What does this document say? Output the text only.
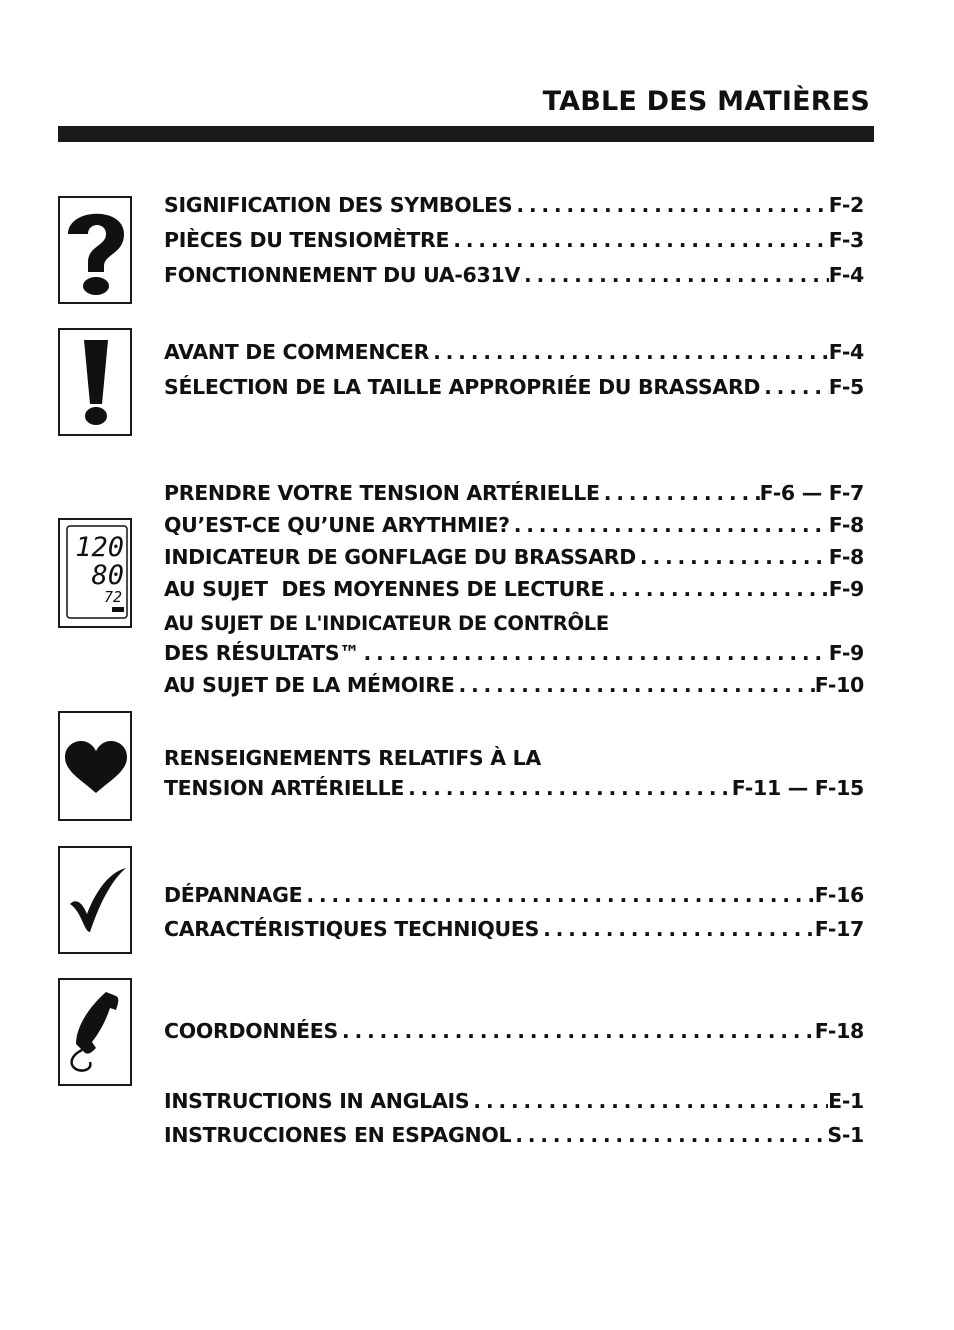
TABLE DES MATIÈRES
120
80
72
SIGNIFICATION DES SYMBOLES . . .	F-2
PIÈCES DU TENSIOMÈTRE . . .	F-3
FONCTIONNEMENT DU UA-631V . . .	F-4
AVANT DE COMMENCER . . .	F-4
SÉLECTION DE LA TAILLE APPROPRIÉE DU BRASSARD . . .	F-5
PRENDRE VOTRE TENSION ARTÉRIELLE . . .	F-6 — F-7
QU’EST-CE QU’UNE ARYTHMIE? . . .	F-8
INDICATEUR DE GONFLAGE DU BRASSARD . . .	F-8
AU SUJET  DES MOYENNES DE LECTURE . . .	F-9
AU SUJET DE L'INDICATEUR DE CONTRÔLE
DES RÉSULTATS™ . . .	F-9
AU SUJET DE LA MÉMOIRE . . .	F-10
RENSEIGNEMENTS RELATIFS À LA
TENSION ARTÉRIELLE . . .	F-11 — F-15
DÉPANNAGE . . .	F-16
CARACTÉRISTIQUES TECHNIQUES . . .	F-17
COORDONNÉES . . .	F-18
INSTRUCTIONS IN ANGLAIS . . .	E-1
INSTRUCCIONES EN ESPAGNOL . . .	S-1
